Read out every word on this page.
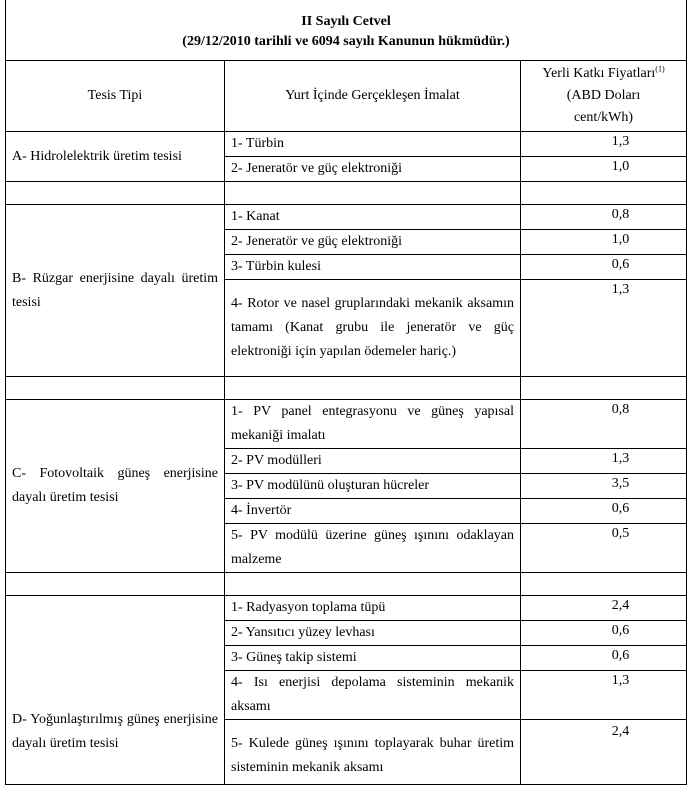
II Sayılı Cetvel
(29/12/2010 tarihli ve 6094 sayılı Kanunun hükmüdür.)		

Tesis Tipi	Yurt İçinde Gerçekleşen İmalat	Yerli Katkı Fiyatları$^{(1)}$
(ABD Doları
cent/kWh)

A- Hidrolelektrik üretim tesisi	1- Türbin	1,3
	2- Jeneratör ve güç elektroniği	1,0

B- Rüzgar enerjisine dayalı üretim tesisi	1- Kanat	0,8
	2- Jeneratör ve güç elektroniği	1,0
	3- Türbin kulesi	0,6
	4- Rotor ve nasel gruplarındaki mekanik aksamın tamamı (Kanat grubu ile jeneratör ve güç elektroniği için yapılan ödemeler hariç.)	1,3

C- Fotovoltaik güneş enerjisine dayalı üretim tesisi	1- PV panel entegrasyonu ve güneş yapısal mekaniği imalatı	0,8
	2- PV modülleri	1,3
	3- PV modülünü oluşturan hücreler	3,5
	4- İnvertör	0,6
	5- PV modülü üzerine güneş ışınını odaklayan malzeme	0,5

D- Yoğunlaştırılmış güneş enerjisine dayalı üretim tesisi	1- Radyasyon toplama tüpü	2,4
	2- Yansıtıcı yüzey levhası	0,6
	3- Güneş takip sistemi	0,6
	4- Isı enerjisi depolama sisteminin mekanik aksamı	1,3
	5- Kulede güneş ışınını toplayarak buhar üretim sisteminin mekanik aksamı	2,4
